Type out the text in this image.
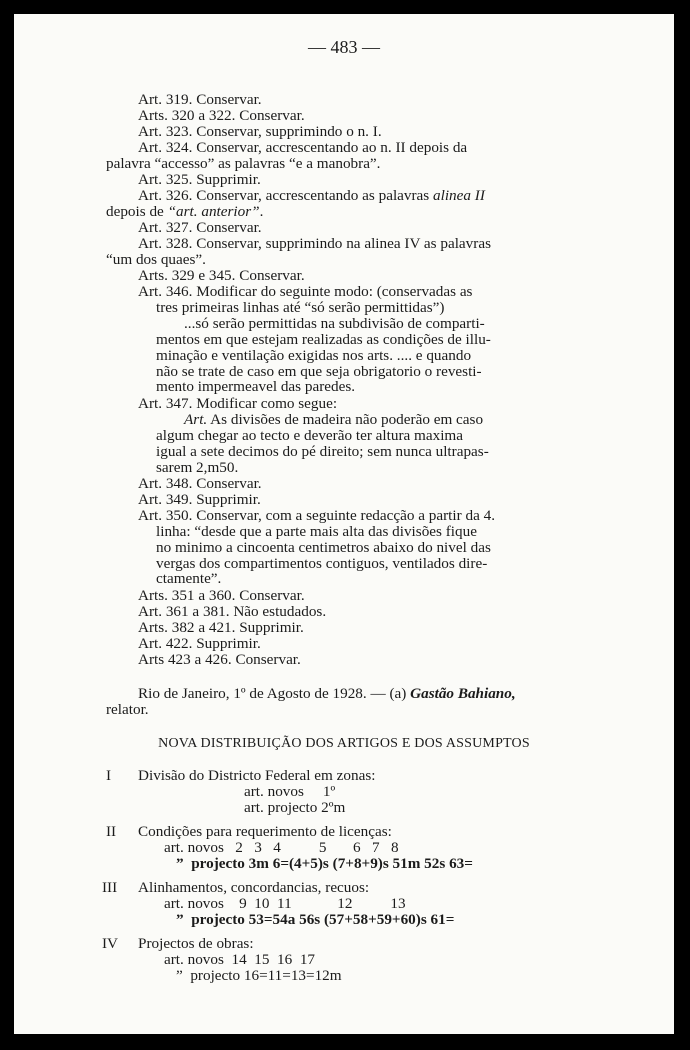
— 483 —
Art. 319. Conservar.
Arts. 320 a 322. Conservar.
Art. 323. Conservar, supprimindo o n. I.
Art. 324. Conservar, accrescentando ao n. II depois da
palavra “accesso” as palavras “e a manobra”.
Art. 325. Supprimir.
Art. 326. Conservar, accrescentando as palavras alinea II
depois de “art. anterior”.
Art. 327. Conservar.
Art. 328. Conservar, supprimindo na alinea IV as palavras
“um dos quaes”.
Arts. 329 e 345. Conservar.
Art. 346. Modificar do seguinte modo: (conservadas as
tres primeiras linhas até “só serão permittidas”)
...só serão permittidas na subdivisão de comparti-
mentos em que estejam realizadas as condições de illu-
minação e ventilação exigidas nos arts. .... e quando
não se trate de caso em que seja obrigatorio o revesti-
mento impermeavel das paredes.
Art. 347. Modificar como segue:
Art. As divisões de madeira não poderão em caso
algum chegar ao tecto e deverão ter altura maxima
igual a sete decimos do pé direito; sem nunca ultrapas-
sarem 2,m50.
Art. 348. Conservar.
Art. 349. Supprimir.
Art. 350. Conservar, com a seguinte redacção a partir da 4.
linha: “desde que a parte mais alta das divisões fique
no minimo a cincoenta centimetros abaixo do nivel das
vergas dos compartimentos contiguos, ventilados dire-
ctamente”.
Arts. 351 a 360. Conservar.
Art. 361 a 381. Não estudados.
Arts. 382 a 421. Supprimir.
Art. 422. Supprimir.
Arts 423 a 426. Conservar.
Rio de Janeiro, 1º de Agosto de 1928. — (a) Gastão Bahiano,
relator.
NOVA DISTRIBUIÇÃO DOS ARTIGOS E DOS ASSUMPTOS
I Divisão do Districto Federal em zonas:
art. novos     1º
art. projecto 2ºm
II Condições para requerimento de licenças:
art. novos   2   3   4          5       6   7   8
”  projecto 3m 6=(4+5)s (7+8+9)s 51m 52s 63=
III Alinhamentos, concordancias, recuos:
art. novos    9  10  11            12          13
”  projecto 53=54a 56s (57+58+59+60)s 61=
IV Projectos de obras:
art. novos  14  15  16  17
”  projecto 16=11=13=12m
